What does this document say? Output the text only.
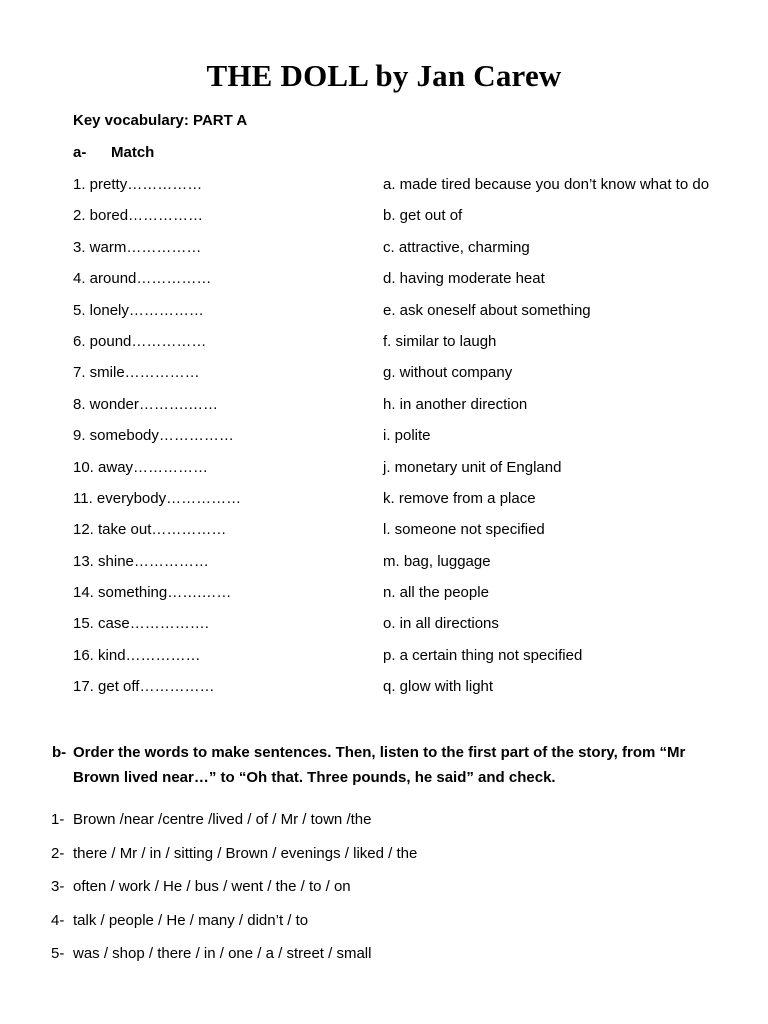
THE DOLL by Jan Carew
Key vocabulary: PART A
a- Match
1. pretty……………	a. made tired because you don’t know what to do
2. bored……………	b. get out of
3. warm……………	c. attractive, charming
4. around……………	d. having moderate heat
5. lonely……………	e. ask oneself about something
6. pound……………	f. similar to laugh
7. smile……………	g. without company
8. wonder……….……	h. in another direction
9. somebody……………	i. polite
10. away……………	j. monetary unit of England
11. everybody……………	k. remove from a place
12. take out……………	l. someone not specified
13. shine……………	m. bag, luggage
14. something…….……	n. all the people
15. case…………….	o. in all directions
16. kind……………	p. a certain thing not specified
17. get off……………	q. glow with light
b- Order the words to make sentences. Then, listen to the first part of the story, from “Mr
Brown lived near…” to “Oh that. Three pounds, he said” and check.
1- Brown /near /centre /lived / of / Mr / town /the
2- there / Mr / in / sitting / Brown / evenings / liked / the
3- often / work / He / bus / went / the / to / on
4- talk / people / He / many / didn’t / to
5- was / shop / there / in / one / a / street / small
